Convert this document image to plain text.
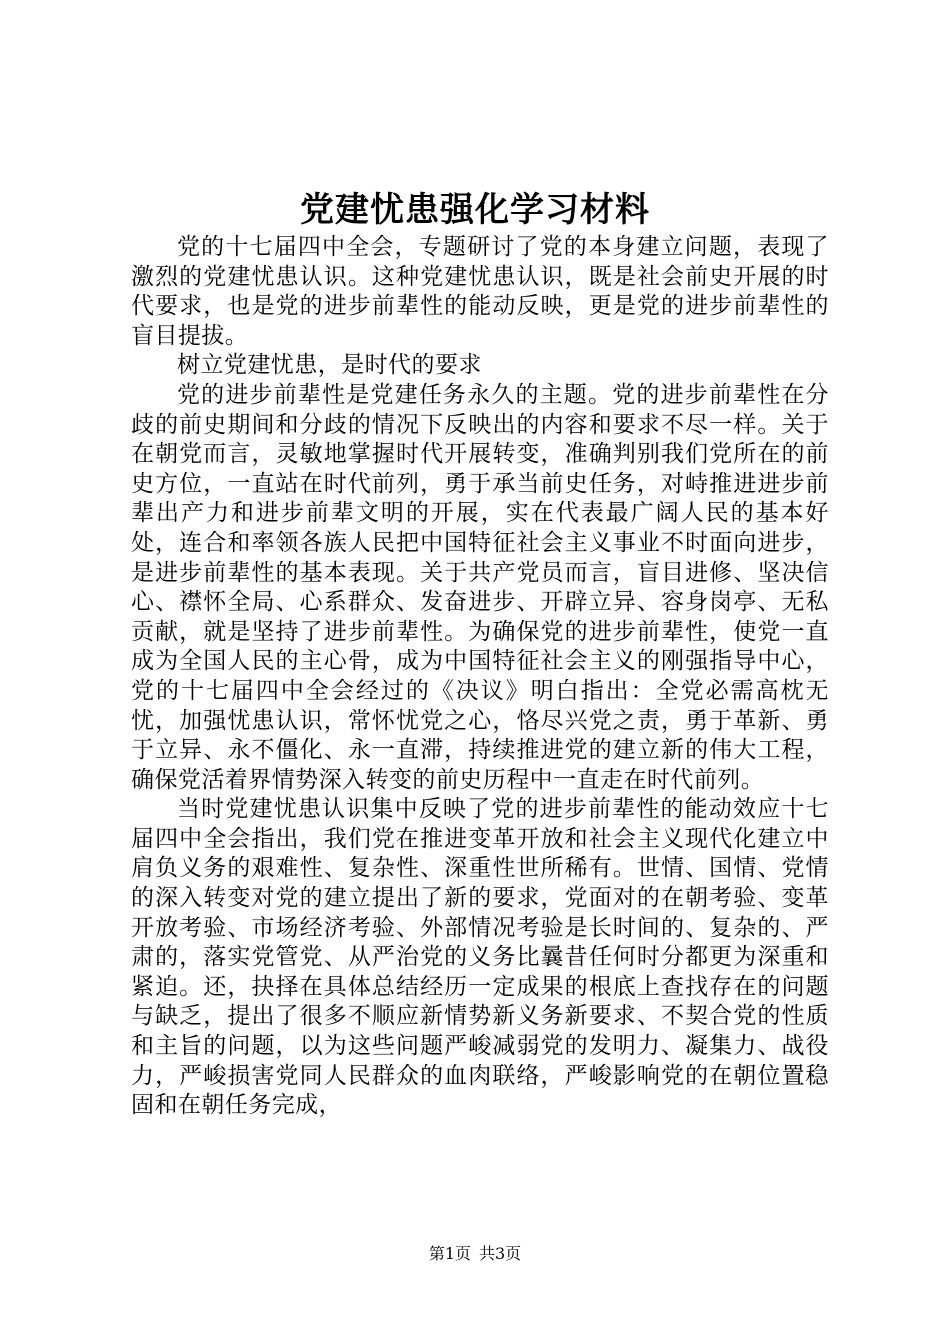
党建忧患强化学习材料

党的十七届四中全会，专题研讨了党的本身建立问题，表现了激烈的党建忧患认识。这种党建忧患认识，既是社会前史开展的时代要求，也是党的进步前辈性的能动反映，更是党的进步前辈性的盲目提拔。

树立党建忧患，是时代的要求

党的进步前辈性是党建任务永久的主题。党的进步前辈性在分歧的前史期间和分歧的情况下反映出的内容和要求不尽一样。关于在朝党而言，灵敏地掌握时代开展转变，准确判别我们党所在的前史方位，一直站在时代前列，勇于承当前史任务，对峙推进进步前辈出产力和进步前辈文明的开展，实在代表最广阔人民的基本好处，连合和率领各族人民把中国特征社会主义事业不时面向进步，是进步前辈性的基本表现。关于共产党员而言，盲目进修、坚决信心、襟怀全局、心系群众、发奋进步、开辟立异、容身岗亭、无私贡献，就是坚持了进步前辈性。为确保党的进步前辈性，使党一直成为全国人民的主心骨，成为中国特征社会主义的刚强指导中心，党的十七届四中全会经过的《决议》明白指出：全党必需高枕无忧，加强忧患认识，常怀忧党之心，恪尽兴党之责，勇于革新、勇于立异、永不僵化、永一直滞，持续推进党的建立新的伟大工程，确保党活着界情势深入转变的前史历程中一直走在时代前列。

当时党建忧患认识集中反映了党的进步前辈性的能动效应十七届四中全会指出，我们党在推进变革开放和社会主义现代化建立中肩负义务的艰难性、复杂性、深重性世所稀有。世情、国情、党情的深入转变对党的建立提出了新的要求，党面对的在朝考验、变革开放考验、市场经济考验、外部情况考验是长时间的、复杂的、严肃的，落实党管党、从严治党的义务比曩昔任何时分都更为深重和紧迫。还，抉择在具体总结经历一定成果的根底上查找存在的问题与缺乏，提出了很多不顺应新情势新义务新要求、不契合党的性质和主旨的问题，以为这些问题严峻减弱党的发明力、凝集力、战役力，严峻损害党同人民群众的血肉联络，严峻影响党的在朝位置稳固和在朝任务完成，

第1页 共3页
